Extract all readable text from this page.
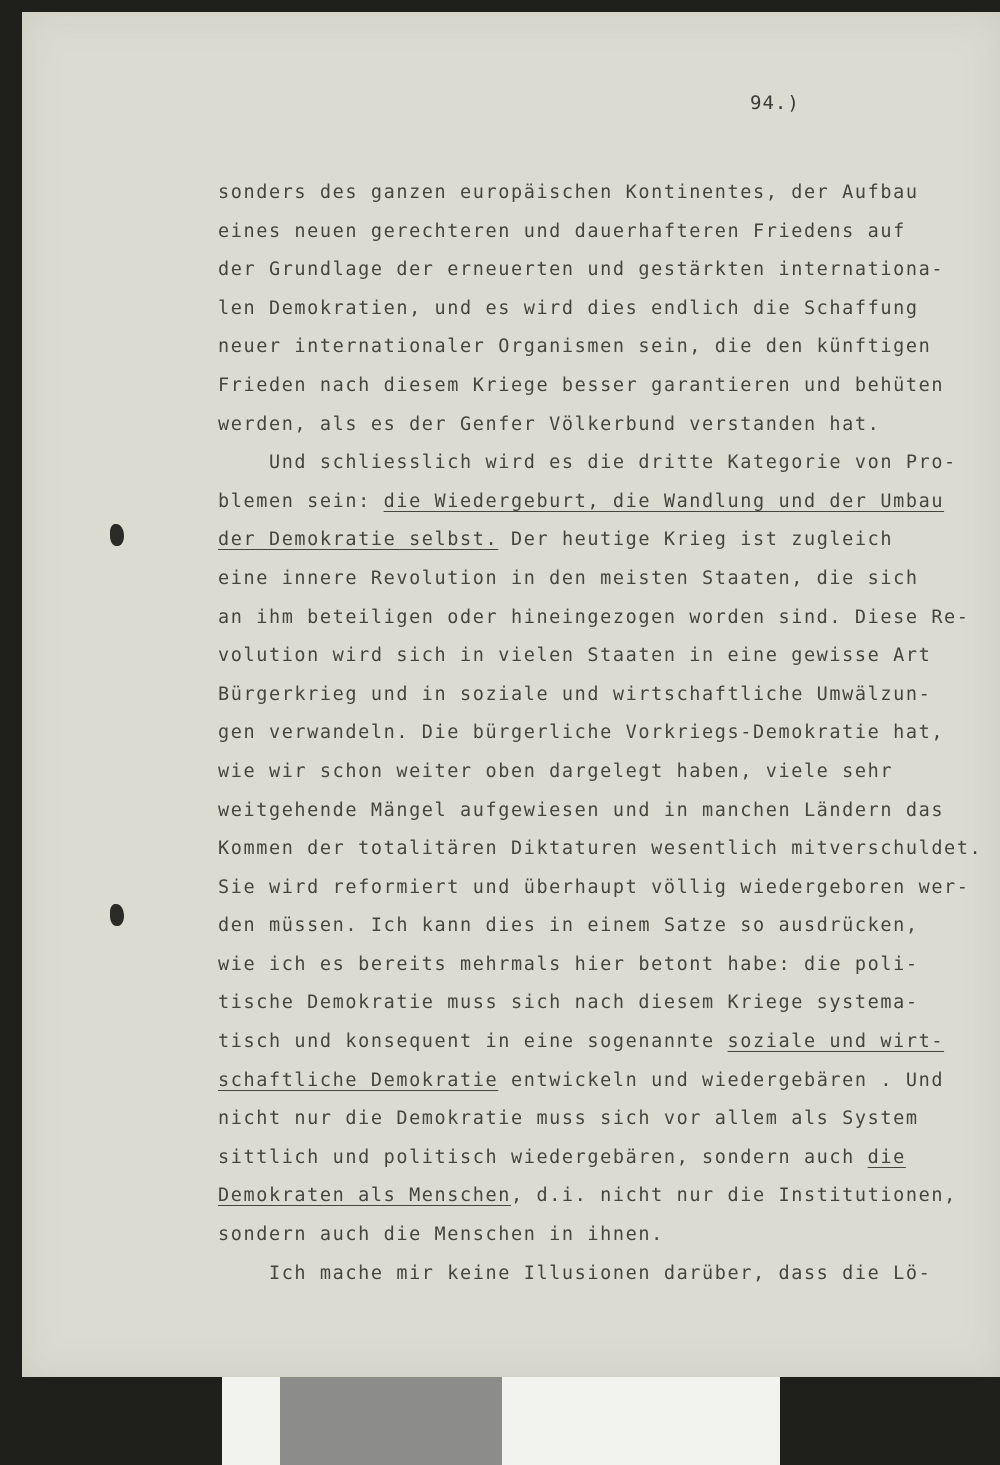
94.)
sonders des ganzen europäischen Kontinentes, der Aufbau
eines neuen gerechteren und dauerhafteren Friedens auf
der Grundlage der erneuerten und gestärkten internationa-
len Demokratien, und es wird dies endlich die Schaffung
neuer internationaler Organismen sein, die den künftigen
Frieden nach diesem Kriege besser garantieren und behüten
werden, als es der Genfer Völkerbund verstanden hat.
Und schliesslich wird es die dritte Kategorie von Pro-
blemen sein: die Wiedergeburt, die Wandlung und der Umbau
der Demokratie selbst. Der heutige Krieg ist zugleich
eine innere Revolution in den meisten Staaten, die sich
an ihm beteiligen oder hineingezogen worden sind. Diese Re-
volution wird sich in vielen Staaten in eine gewisse Art
Bürgerkrieg und in soziale und wirtschaftliche Umwälzun-
gen verwandeln. Die bürgerliche Vorkriegs-Demokratie hat,
wie wir schon weiter oben dargelegt haben, viele sehr
weitgehende Mängel aufgewiesen und in manchen Ländern das
Kommen der totalitären Diktaturen wesentlich mitverschuldet.
Sie wird reformiert und überhaupt völlig wiedergeboren wer-
den müssen. Ich kann dies in einem Satze so ausdrücken,
wie ich es bereits mehrmals hier betont habe: die poli-
tische Demokratie muss sich nach diesem Kriege systema-
tisch und konsequent in eine sogenannte soziale und wirt-
schaftliche Demokratie entwickeln und wiedergebären . Und
nicht nur die Demokratie muss sich vor allem als System
sittlich und politisch wiedergebären, sondern auch die
Demokraten als Menschen, d.i. nicht nur die Institutionen,
sondern auch die Menschen in ihnen.
Ich mache mir keine Illusionen darüber, dass die Lö-
